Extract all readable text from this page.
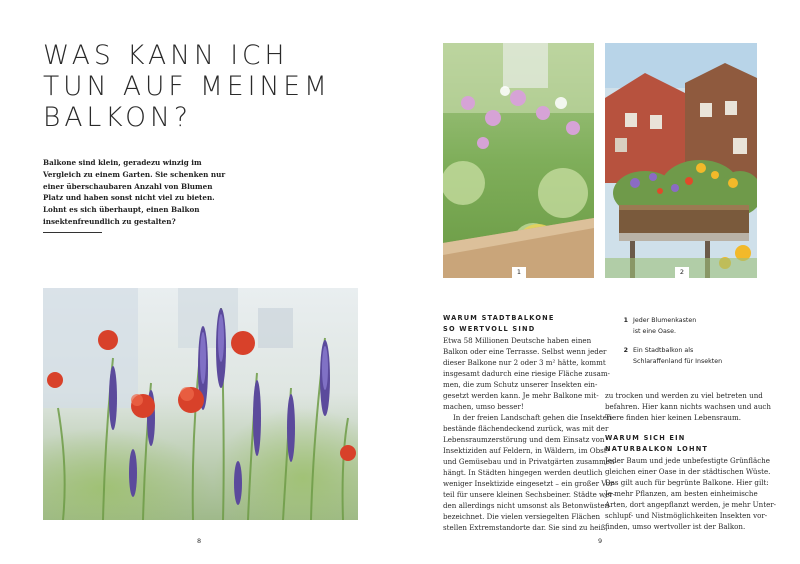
WAS KANN ICH
TUN AUF MEINEM
BALKON?

Balkone sind klein, geradezu winzig im
Vergleich zu einem Garten. Sie schenken nur
einer überschaubaren Anzahl von Blumen
Platz und haben sonst nicht viel zu bieten.
Lohnt es sich überhaupt, einen Balkon
insektenfreundlich zu gestalten?

8
1	2
1 Jeder Blumenkasten
ist eine Oase.
2 Ein Stadtbalkon als
Schlaraffenland für Insekten
WARUM STADTBALKONE
SO WERTVOLL SIND

Etwa 58 Millionen Deutsche haben einen
Balkon oder eine Terrasse. Selbst wenn jeder
dieser Balkone nur 2 oder 3 m² hätte, kommt
insgesamt dadurch eine riesige Fläche zusam-
men, die zum Schutz unserer Insekten ein-
gesetzt werden kann. Je mehr Balkone mit-
machen, umso besser!

In der freien Landschaft gehen die Insekten-
bestände flächendeckend zurück, was mit der
Lebensraumzerstörung und dem Einsatz von
Insektiziden auf Feldern, in Wäldern, im Obst-
und Gemüsebau und in Privatgärten zusammen-
hängt. In Städten hingegen werden deutlich
weniger Insektizide eingesetzt – ein großer Vor-
teil für unsere kleinen Sechsbeiner. Städte wer-
den allerdings nicht umsonst als Betonwüsten
bezeichnet. Die vielen versiegelten Flächen
stellen Extremstandorte dar. Sie sind zu heiß,

zu trocken und werden zu viel betreten und
befahren. Hier kann nichts wachsen und auch
Tiere finden hier keinen Lebensraum.

WARUM SICH EIN
NATURBALKON LOHNT

Jeder Baum und jede unbefestigte Grünfläche
gleichen einer Oase in der städtischen Wüste.
Das gilt auch für begrünte Balkone. Hier gilt:
Je mehr Pflanzen, am besten einheimische
Arten, dort angepflanzt werden, je mehr Unter-
schlupf- und Nistmöglichkeiten Insekten vor-
finden, umso wertvoller ist der Balkon.

9
